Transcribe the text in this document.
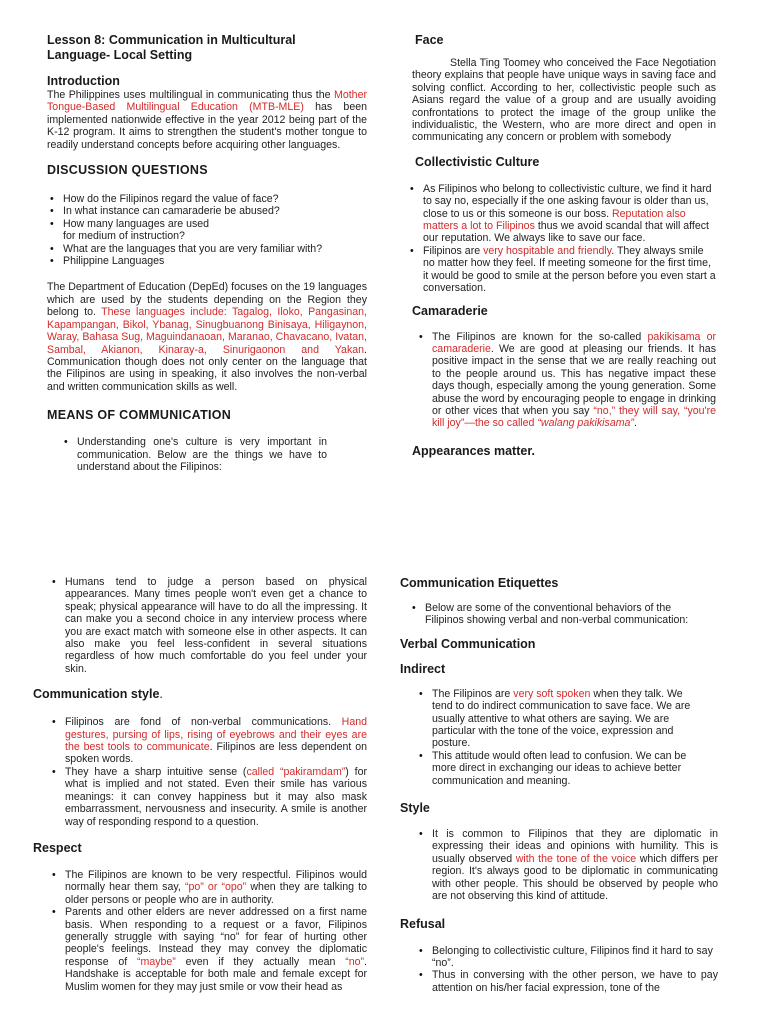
Lesson 8: Communication in Multicultural
Language- Local Setting
Introduction

The Philippines uses multilingual in communicating thus the Mother Tongue-Based Multilingual Education (MTB-MLE) has been implemented nationwide effective in the year 2012 being part of the K-12 program. It aims to strengthen the student's mother tongue to readily understand concepts before acquiring other languages.

DISCUSSION QUESTIONS
• How do the Filipinos regard the value of face?
• In what instance can camaraderie be abused?
• How many languages are used
for medium of instruction?
• What are the languages that you are very familiar with?
• Philippine Languages

The Department of Education (DepEd) focuses on the 19 languages which are used by the students depending on the Region they belong to. These languages include: Tagalog, Iloko, Pangasinan, Kapampangan, Bikol, Ybanag, Sinugbuanong Binisaya, Hiligaynon, Waray, Bahasa Sug, Maguindanaoan, Maranao, Chavacano, Ivatan, Sambal, Akianon, Kinaray-a, Sinurigaonon and Yakan. Communication though does not only center on the language that the Filipinos are using in speaking, it also involves the non-verbal and written communication skills as well.

MEANS OF COMMUNICATION
• Understanding one's culture is very important in communication. Below are the things we have to understand about the Filipinos:
Face

Stella Ting Toomey who conceived the Face Negotiation theory explains that people have unique ways in saving face and solving conflict. According to her, collectivistic people such as Asians regard the value of a group and are usually avoiding confrontations to protect the image of the group unlike the individualistic, the Western, who are more direct and open in communicating any concern or problem with somebody

Collectivistic Culture
• As Filipinos who belong to collectivistic culture, we find it hard to say no, especially if the one asking favour is older than us, close to us or this someone is our boss. Reputation also matters a lot to Filipinos thus we avoid scandal that will affect our reputation. We always like to save our face.
• Filipinos are very hospitable and friendly. They always smile no matter how they feel. If meeting someone for the first time, it would be good to smile at the person before you even start a conversation.
Camaraderie
• The Filipinos are known for the so-called pakikisama or camaraderie. We are good at pleasing our friends. It has positive impact in the sense that we are really reaching out to the people around us. This has negative impact these days though, especially among the young generation. Some abuse the word by encouraging people to engage in drinking or other vices that when you say “no,” they will say, “you're kill joy”—the so called “walang pakikisama”.
Appearances matter.
• Humans tend to judge a person based on physical appearances. Many times people won't even get a chance to speak; physical appearance will have to do all the impressing. It can make you a second choice in any interview process where you are exact match with someone else in other aspects. It can also make you feel less-confident in several situations regardless of how much comfortable do you feel under your skin.
Communication style.
• Filipinos are fond of non-verbal communications. Hand gestures, pursing of lips, rising of eyebrows and their eyes are the best tools to communicate. Filipinos are less dependent on spoken words.
• They have a sharp intuitive sense (called “pakiramdam”) for what is implied and not stated. Even their smile has various meanings: it can convey happiness but it may also mask embarrassment, nervousness and insecurity. A smile is another way of responding respond to a question.
Respect
• The Filipinos are known to be very respectful. Filipinos would normally hear them say, “po” or “opo” when they are talking to older persons or people who are in authority.
• Parents and other elders are never addressed on a first name basis. When responding to a request or a favor, Filipinos generally struggle with saying “no” for fear of hurting other people's feelings. Instead they may convey the diplomatic response of “maybe” even if they actually mean “no”. Handshake is acceptable for both male and female except for Muslim women for they may just smile or vow their head as
Communication Etiquettes
• Below are some of the conventional behaviors of the Filipinos showing verbal and non-verbal communication:
Verbal Communication
Indirect
• The Filipinos are very soft spoken when they talk. We tend to do indirect communication to save face. We are usually attentive to what others are saying. We are particular with the tone of the voice, expression and posture.
• This attitude would often lead to confusion. We can be more direct in exchanging our ideas to achieve better communication and meaning.
Style
• It is common to Filipinos that they are diplomatic in expressing their ideas and opinions with humility. This is usually observed with the tone of the voice which differs per region. It's always good to be diplomatic in communicating with other people. This should be observed by people who are not observing this kind of attitude.
Refusal
• Belonging to collectivistic culture, Filipinos find it hard to say “no”.
• Thus in conversing with the other person, we have to pay attention on his/her facial expression, tone of the
